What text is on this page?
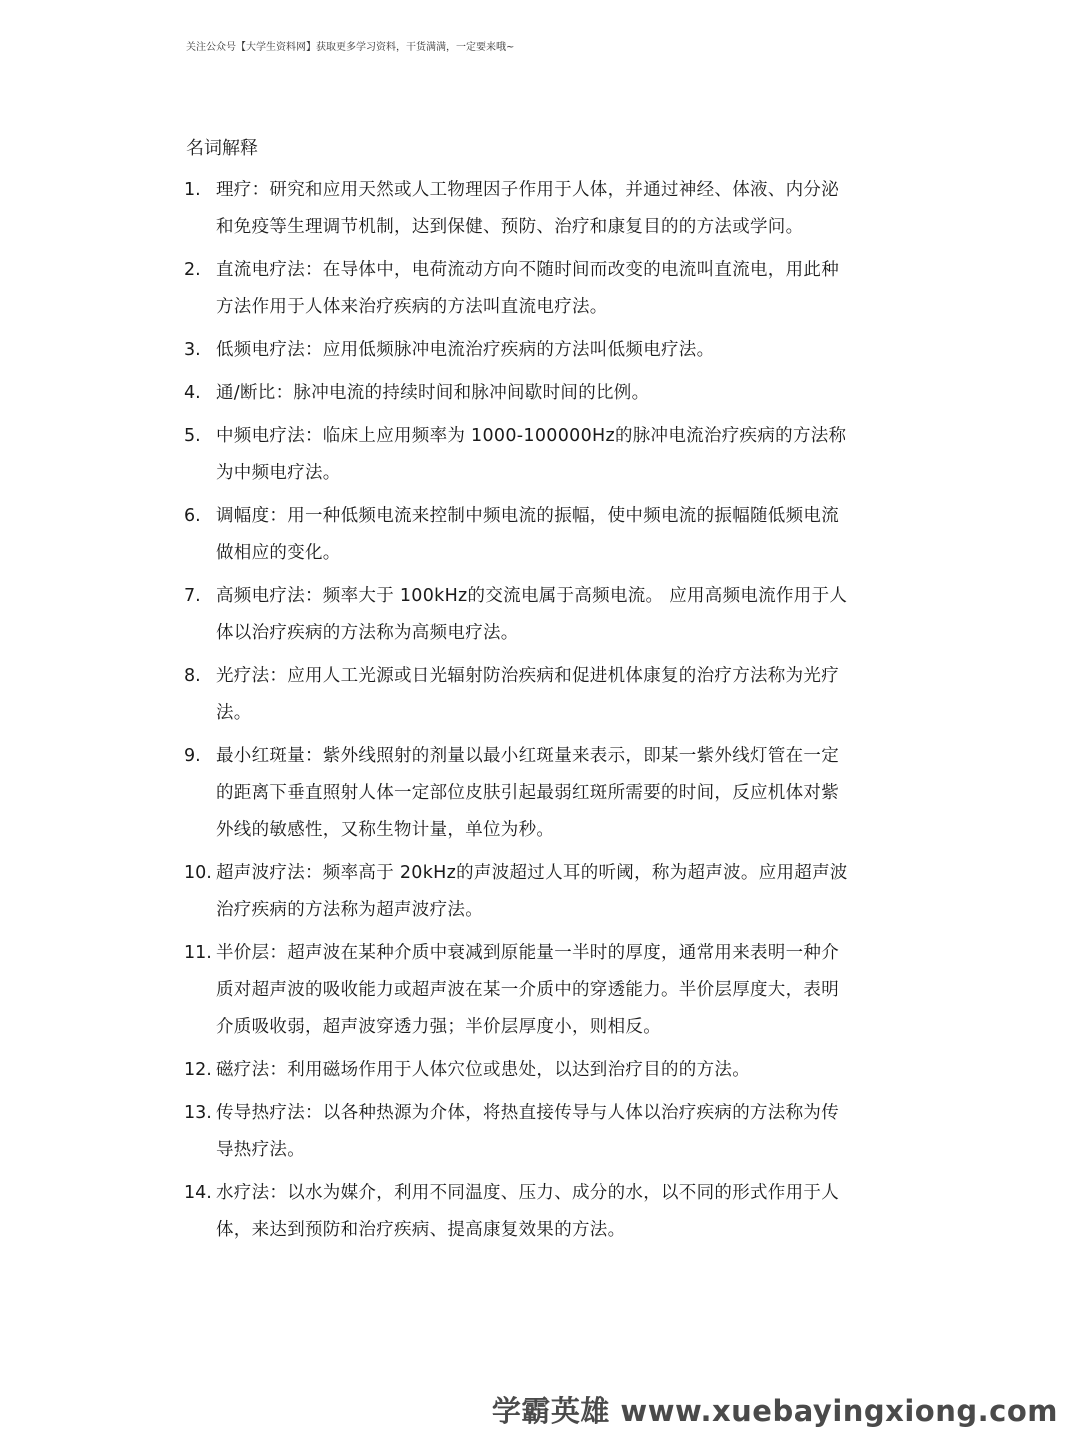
关注公众号【大学生资料网】获取更多学习资料，干货满满，一定要来哦~
名词解释
1. 理疗：研究和应用天然或人工物理因子作用于人体，并通过神经、体液、内分泌和免疫等生理调节机制，达到保健、预防、治疗和康复目的的方法或学问。
2. 直流电疗法：在导体中，电荷流动方向不随时间而改变的电流叫直流电，用此种方法作用于人体来治疗疾病的方法叫直流电疗法。
3. 低频电疗法：应用低频脉冲电流治疗疾病的方法叫低频电疗法。
4. 通/断比：脉冲电流的持续时间和脉冲间歇时间的比例。
5. 中频电疗法：临床上应用频率为 1000-100000Hz的脉冲电流治疗疾病的方法称为中频电疗法。
6. 调幅度：用一种低频电流来控制中频电流的振幅，使中频电流的振幅随低频电流做相应的变化。
7. 高频电疗法：频率大于 100kHz的交流电属于高频电流。 应用高频电流作用于人体以治疗疾病的方法称为高频电疗法。
8. 光疗法：应用人工光源或日光辐射防治疾病和促进机体康复的治疗方法称为光疗法。
9. 最小红斑量：紫外线照射的剂量以最小红斑量来表示，即某一紫外线灯管在一定的距离下垂直照射人体一定部位皮肤引起最弱红斑所需要的时间，反应机体对紫外线的敏感性，又称生物计量，单位为秒。
10. 超声波疗法：频率高于 20kHz的声波超过人耳的听阈，称为超声波。应用超声波治疗疾病的方法称为超声波疗法。
11. 半价层：超声波在某种介质中衰减到原能量一半时的厚度，通常用来表明一种介质对超声波的吸收能力或超声波在某一介质中的穿透能力。半价层厚度大，表明介质吸收弱，超声波穿透力强；半价层厚度小，则相反。
12. 磁疗法：利用磁场作用于人体穴位或患处，以达到治疗目的的方法。
13. 传导热疗法：以各种热源为介体，将热直接传导与人体以治疗疾病的方法称为传导热疗法。
14. 水疗法：以水为媒介，利用不同温度、压力、成分的水，以不同的形式作用于人体，来达到预防和治疗疾病、提高康复效果的方法。
学霸英雄 www.xuebayingxiong.com
